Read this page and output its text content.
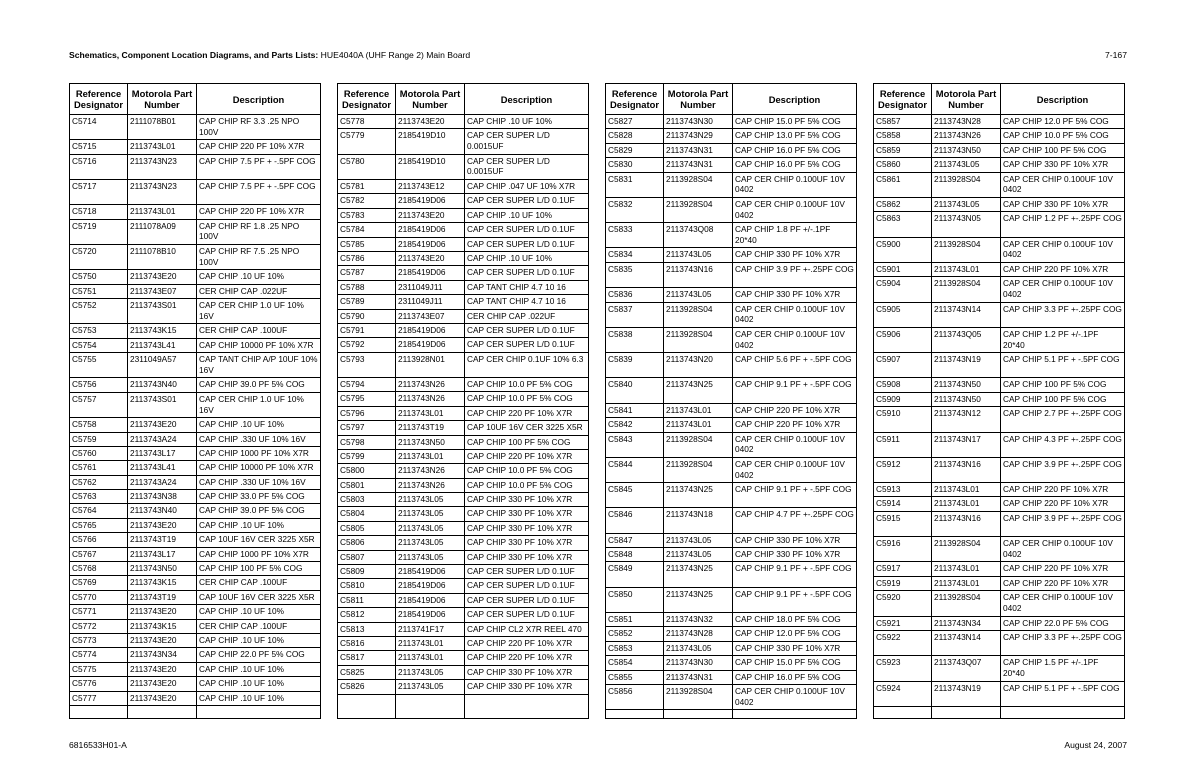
Schematics, Component Location Diagrams, and Parts Lists: HUE4040A (UHF Range 2) Main Board	7-167
Reference Designator	Motorola Part Number	Description
C5714	2111078B01	CAP CHIP RF 3.3 .25 NPO 100V
C5715	2113743L01	CAP CHIP 220 PF 10% X7R
C5716	2113743N23	CAP CHIP 7.5 PF + -.5PF COG
C5717	2113743N23	CAP CHIP 7.5 PF + -.5PF COG
C5718	2113743L01	CAP CHIP 220 PF 10% X7R
C5719	2111078A09	CAP CHIP RF 1.8 .25 NPO 100V
C5720	2111078B10	CAP CHIP RF 7.5 .25 NPO 100V
C5750	2113743E20	CAP CHIP .10 UF 10%
C5751	2113743E07	CER CHIP CAP .022UF
C5752	2113743S01	CAP CER CHIP 1.0 UF 10% 16V
C5753	2113743K15	CER CHIP CAP .100UF
C5754	2113743L41	CAP CHIP 10000 PF 10% X7R
C5755	2311049A57	CAP TANT CHIP A/P 10UF 10% 16V
C5756	2113743N40	CAP CHIP 39.0 PF 5% COG
C5757	2113743S01	CAP CER CHIP 1.0 UF 10% 16V
C5758	2113743E20	CAP CHIP .10 UF 10%
C5759	2113743A24	CAP CHIP .330 UF 10% 16V
C5760	2113743L17	CAP CHIP 1000 PF 10% X7R
C5761	2113743L41	CAP CHIP 10000 PF 10% X7R
C5762	2113743A24	CAP CHIP .330 UF 10% 16V
C5763	2113743N38	CAP CHIP 33.0 PF 5% COG
C5764	2113743N40	CAP CHIP 39.0 PF 5% COG
C5765	2113743E20	CAP CHIP .10 UF 10%
C5766	2113743T19	CAP 10UF 16V CER 3225 X5R
C5767	2113743L17	CAP CHIP 1000 PF 10% X7R
C5768	2113743N50	CAP CHIP 100 PF 5% COG
C5769	2113743K15	CER CHIP CAP .100UF
C5770	2113743T19	CAP 10UF 16V CER 3225 X5R
C5771	2113743E20	CAP CHIP .10 UF 10%
C5772	2113743K15	CER CHIP CAP .100UF
C5773	2113743E20	CAP CHIP .10 UF 10%
C5774	2113743N34	CAP CHIP 22.0 PF 5% COG
C5775	2113743E20	CAP CHIP .10 UF 10%
C5776	2113743E20	CAP CHIP .10 UF 10%
C5777	2113743E20	CAP CHIP .10 UF 10%

Reference Designator	Motorola Part Number	Description
C5778	2113743E20	CAP CHIP .10 UF 10%
C5779	2185419D10	CAP CER SUPER L/D 0.0015UF
C5780	2185419D10	CAP CER SUPER L/D 0.0015UF
C5781	2113743E12	CAP CHIP .047 UF 10% X7R
C5782	2185419D06	CAP CER SUPER L/D 0.1UF
C5783	2113743E20	CAP CHIP .10 UF 10%
C5784	2185419D06	CAP CER SUPER L/D 0.1UF
C5785	2185419D06	CAP CER SUPER L/D 0.1UF
C5786	2113743E20	CAP CHIP .10 UF 10%
C5787	2185419D06	CAP CER SUPER L/D 0.1UF
C5788	2311049J11	CAP TANT CHIP 4.7 10 16
C5789	2311049J11	CAP TANT CHIP 4.7 10 16
C5790	2113743E07	CER CHIP CAP .022UF
C5791	2185419D06	CAP CER SUPER L/D 0.1UF
C5792	2185419D06	CAP CER SUPER L/D 0.1UF
C5793	2113928N01	CAP CER CHIP 0.1UF 10% 6.3
C5794	2113743N26	CAP CHIP 10.0 PF 5% COG
C5795	2113743N26	CAP CHIP 10.0 PF 5% COG
C5796	2113743L01	CAP CHIP 220 PF 10% X7R
C5797	2113743T19	CAP 10UF 16V CER 3225 X5R
C5798	2113743N50	CAP CHIP 100 PF 5% COG
C5799	2113743L01	CAP CHIP 220 PF 10% X7R
C5800	2113743N26	CAP CHIP 10.0 PF 5% COG
C5801	2113743N26	CAP CHIP 10.0 PF 5% COG
C5803	2113743L05	CAP CHIP 330 PF 10% X7R
C5804	2113743L05	CAP CHIP 330 PF 10% X7R
C5805	2113743L05	CAP CHIP 330 PF 10% X7R
C5806	2113743L05	CAP CHIP 330 PF 10% X7R
C5807	2113743L05	CAP CHIP 330 PF 10% X7R
C5809	2185419D06	CAP CER SUPER L/D 0.1UF
C5810	2185419D06	CAP CER SUPER L/D 0.1UF
C5811	2185419D06	CAP CER SUPER L/D 0.1UF
C5812	2185419D06	CAP CER SUPER L/D 0.1UF
C5813	2113741F17	CAP CHIP CL2 X7R REEL 470
C5816	2113743L01	CAP CHIP 220 PF 10% X7R
C5817	2113743L01	CAP CHIP 220 PF 10% X7R
C5825	2113743L05	CAP CHIP 330 PF 10% X7R
C5826	2113743L05	CAP CHIP 330 PF 10% X7R

Reference Designator	Motorola Part Number	Description
C5827	2113743N30	CAP CHIP 15.0 PF 5% COG
C5828	2113743N29	CAP CHIP 13.0 PF 5% COG
C5829	2113743N31	CAP CHIP 16.0 PF 5% COG
C5830	2113743N31	CAP CHIP 16.0 PF 5% COG
C5831	2113928S04	CAP CER CHIP 0.100UF 10V 0402
C5832	2113928S04	CAP CER CHIP 0.100UF 10V 0402
C5833	2113743Q08	CAP CHIP 1.8 PF +/-.1PF 20*40
C5834	2113743L05	CAP CHIP 330 PF 10% X7R
C5835	2113743N16	CAP CHIP 3.9 PF +-.25PF COG
C5836	2113743L05	CAP CHIP 330 PF 10% X7R
C5837	2113928S04	CAP CER CHIP 0.100UF 10V 0402
C5838	2113928S04	CAP CER CHIP 0.100UF 10V 0402
C5839	2113743N20	CAP CHIP 5.6 PF + -.5PF COG
C5840	2113743N25	CAP CHIP 9.1 PF + -.5PF COG
C5841	2113743L01	CAP CHIP 220 PF 10% X7R
C5842	2113743L01	CAP CHIP 220 PF 10% X7R
C5843	2113928S04	CAP CER CHIP 0.100UF 10V 0402
C5844	2113928S04	CAP CER CHIP 0.100UF 10V 0402
C5845	2113743N25	CAP CHIP 9.1 PF + -.5PF COG
C5846	2113743N18	CAP CHIP 4.7 PF +-.25PF COG
C5847	2113743L05	CAP CHIP 330 PF 10% X7R
C5848	2113743L05	CAP CHIP 330 PF 10% X7R
C5849	2113743N25	CAP CHIP 9.1 PF + -.5PF COG
C5850	2113743N25	CAP CHIP 9.1 PF + -.5PF COG
C5851	2113743N32	CAP CHIP 18.0 PF 5% COG
C5852	2113743N28	CAP CHIP 12.0 PF 5% COG
C5853	2113743L05	CAP CHIP 330 PF 10% X7R
C5854	2113743N30	CAP CHIP 15.0 PF 5% COG
C5855	2113743N31	CAP CHIP 16.0 PF 5% COG
C5856	2113928S04	CAP CER CHIP 0.100UF 10V 0402

Reference Designator	Motorola Part Number	Description
C5857	2113743N28	CAP CHIP 12.0 PF 5% COG
C5858	2113743N26	CAP CHIP 10.0 PF 5% COG
C5859	2113743N50	CAP CHIP 100 PF 5% COG
C5860	2113743L05	CAP CHIP 330 PF 10% X7R
C5861	2113928S04	CAP CER CHIP 0.100UF 10V 0402
C5862	2113743L05	CAP CHIP 330 PF 10% X7R
C5863	2113743N05	CAP CHIP 1.2 PF +-.25PF COG
C5900	2113928S04	CAP CER CHIP 0.100UF 10V 0402
C5901	2113743L01	CAP CHIP 220 PF 10% X7R
C5904	2113928S04	CAP CER CHIP 0.100UF 10V 0402
C5905	2113743N14	CAP CHIP 3.3 PF +-.25PF COG
C5906	2113743Q05	CAP CHIP 1.2 PF +/-.1PF 20*40
C5907	2113743N19	CAP CHIP 5.1 PF + -.5PF COG
C5908	2113743N50	CAP CHIP 100 PF 5% COG
C5909	2113743N50	CAP CHIP 100 PF 5% COG
C5910	2113743N12	CAP CHIP 2.7 PF +-.25PF COG
C5911	2113743N17	CAP CHIP 4.3 PF +-.25PF COG
C5912	2113743N16	CAP CHIP 3.9 PF +-.25PF COG
C5913	2113743L01	CAP CHIP 220 PF 10% X7R
C5914	2113743L01	CAP CHIP 220 PF 10% X7R
C5915	2113743N16	CAP CHIP 3.9 PF +-.25PF COG
C5916	2113928S04	CAP CER CHIP 0.100UF 10V 0402
C5917	2113743L01	CAP CHIP 220 PF 10% X7R
C5919	2113743L01	CAP CHIP 220 PF 10% X7R
C5920	2113928S04	CAP CER CHIP 0.100UF 10V 0402
C5921	2113743N34	CAP CHIP 22.0 PF 5% COG
C5922	2113743N14	CAP CHIP 3.3 PF +-.25PF COG
C5923	2113743Q07	CAP CHIP 1.5 PF +/-.1PF 20*40
C5924	2113743N19	CAP CHIP 5.1 PF + -.5PF COG

6816533H01-A	August 24, 2007
